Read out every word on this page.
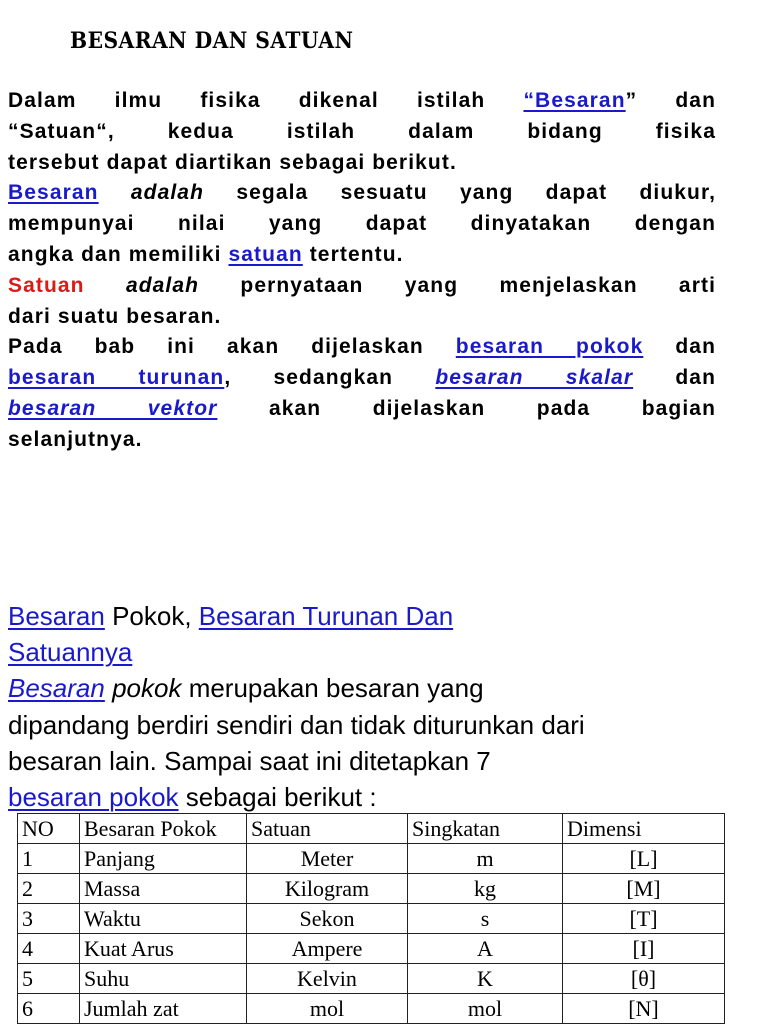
BESARAN DAN SATUAN
Dalam ilmu fisika dikenal istilah “Besaran” dan
“Satuan“, kedua istilah dalam bidang fisika
tersebut dapat diartikan sebagai berikut.
Besaran adalah segala sesuatu yang dapat diukur,
mempunyai nilai yang dapat dinyatakan dengan
angka dan memiliki satuan tertentu.
Satuan adalah pernyataan yang menjelaskan arti
dari suatu besaran.
Pada bab ini akan dijelaskan besaran pokok dan
besaran turunan, sedangkan besaran skalar dan
besaran vektor akan dijelaskan pada bagian
selanjutnya.
Besaran Pokok, Besaran Turunan Dan
Satuannya
Besaran pokok merupakan besaran yang
dipandang berdiri sendiri dan tidak diturunkan dari
besaran lain. Sampai saat ini ditetapkan 7
besaran pokok sebagai berikut :
NO	Besaran Pokok	Satuan	Singkatan	Dimensi
1	Panjang	Meter	m	[L]
2	Massa	Kilogram	kg	[M]
3	Waktu	Sekon	s	[T]
4	Kuat Arus	Ampere	A	[I]
5	Suhu	Kelvin	K	[θ]
6	Jumlah zat	mol	mol	[N]
